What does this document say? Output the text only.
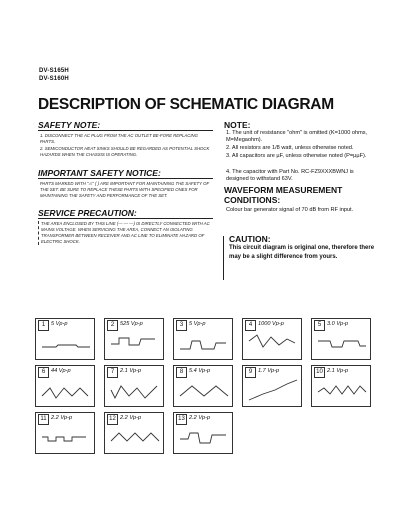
DV-S165H
DV-S160H
DESCRIPTION OF SCHEMATIC DIAGRAM
SAFETY NOTE:
1. DISCONNECT THE AC PLUG FROM THE AC OUTLET BE-FORE REPLACING PARTS.
2. SEMICONDUCTOR HEAT SINKS SHOULD BE REGARDED AS POTENTIAL SHOCK HAZARDS WHEN THE CHASSIS IS OPERATING.
IMPORTANT SAFETY NOTICE:
PARTS MARKED WITH "⚠" ( ) ARE IMPORTANT FOR MAINTAINING THE SAFETY OF THE SET. BE SURE TO REPLACE THESE PARTS WITH SPECIFIED ONES FOR MAINTAINING THE SAFETY AND PERFORMANCE OF THE SET.
SERVICE PRECAUTION:
THE AREA ENCLOSED BY THIS LINE (— — —) IS DIRECTLY CONNECTED WITH AC MAINS VOLTAGE. WHEN SERVICING THE AREA, CONNECT AN ISOLATING TRANSFORMER BETWEEN RECEIVER AND AC LINE TO ELIMINATE HAZARD OF ELECTRIC SHOCK.
NOTE:
1. The unit of resistance "ohm" is omitted (K=1000 ohms, M=Megaohm).
2. All resistors are 1/8 watt, unless otherwise noted.
3. All capacitors are µF, unless otherwise noted (P=µµF).
4. The capacitor with Part No. RC-FZ9XXXBWNJ is designed to withstand 63V.
WAVEFORM MEASUREMENT
CONDITIONS:
Colour bar generator signal of 70 dB from RF input.
CAUTION:
This circuit diagram is original one, therefore there may be a slight difference from yours.
1	5 Vp-p	2	525 Vp-p	3	5 Vp-p	4	1000 Vp-p	5	3.0 Vp-p
6	44 Vp-p	7	2.1 Vp-p	8	5.4 Vp-p	9	1.7 Vp-p	10 2.1 Vp-p
11 2.2 Vp-p	12 2.2 Vp-p	13 2.2 Vp-p
